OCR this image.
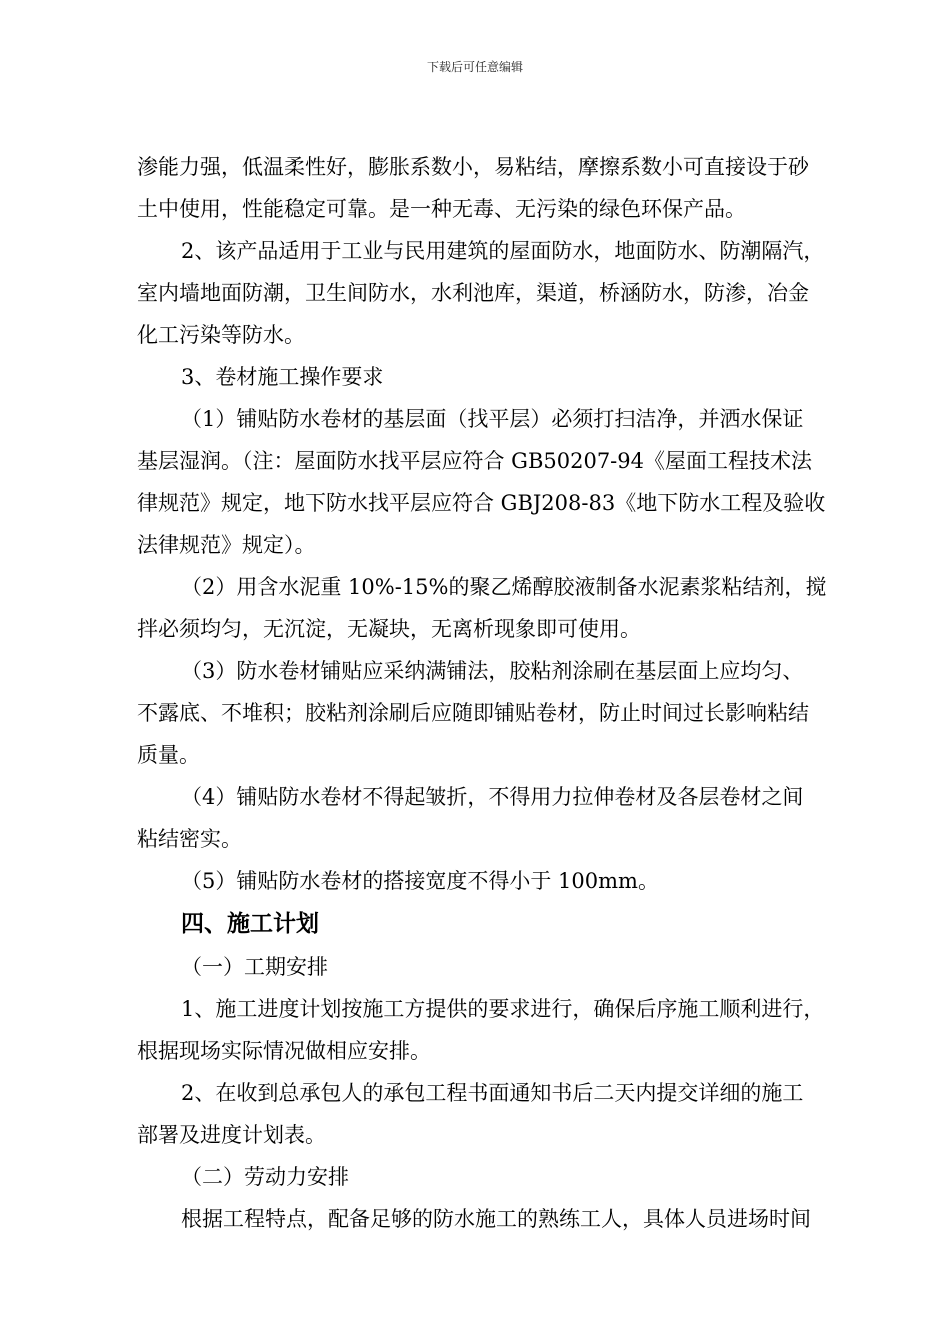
下载后可任意编辑
渗能力强，低温柔性好，膨胀系数小，易粘结，摩擦系数小可直接设于砂
土中使用，性能稳定可靠。是一种无毒、无污染的绿色环保产品。
2、该产品适用于工业与民用建筑的屋面防水，地面防水、防潮隔汽，
室内墙地面防潮，卫生间防水，水利池库，渠道，桥涵防水，防渗，冶金
化工污染等防水。
3、卷材施工操作要求
（1）铺贴防水卷材的基层面（找平层）必须打扫洁净，并洒水保证
基层湿润。（注：屋面防水找平层应符合 GB50207-94《屋面工程技术法
律规范》规定，地下防水找平层应符合 GBJ208-83《地下防水工程及验收
法律规范》规定）。
（2）用含水泥重 10%-15%的聚乙烯醇胶液制备水泥素浆粘结剂，搅
拌必须均匀，无沉淀，无凝块，无离析现象即可使用。
（3）防水卷材铺贴应采纳满铺法，胶粘剂涂刷在基层面上应均匀、
不露底、不堆积；胶粘剂涂刷后应随即铺贴卷材，防止时间过长影响粘结
质量。
（4）铺贴防水卷材不得起皱折，不得用力拉伸卷材及各层卷材之间
粘结密实。
（5）铺贴防水卷材的搭接宽度不得小于 100mm。
四、施工计划
（一）工期安排
1、施工进度计划按施工方提供的要求进行，确保后序施工顺利进行，
根据现场实际情况做相应安排。
2、在收到总承包人的承包工程书面通知书后二天内提交详细的施工
部署及进度计划表。
（二）劳动力安排
根据工程特点，配备足够的防水施工的熟练工人，具体人员进场时间
